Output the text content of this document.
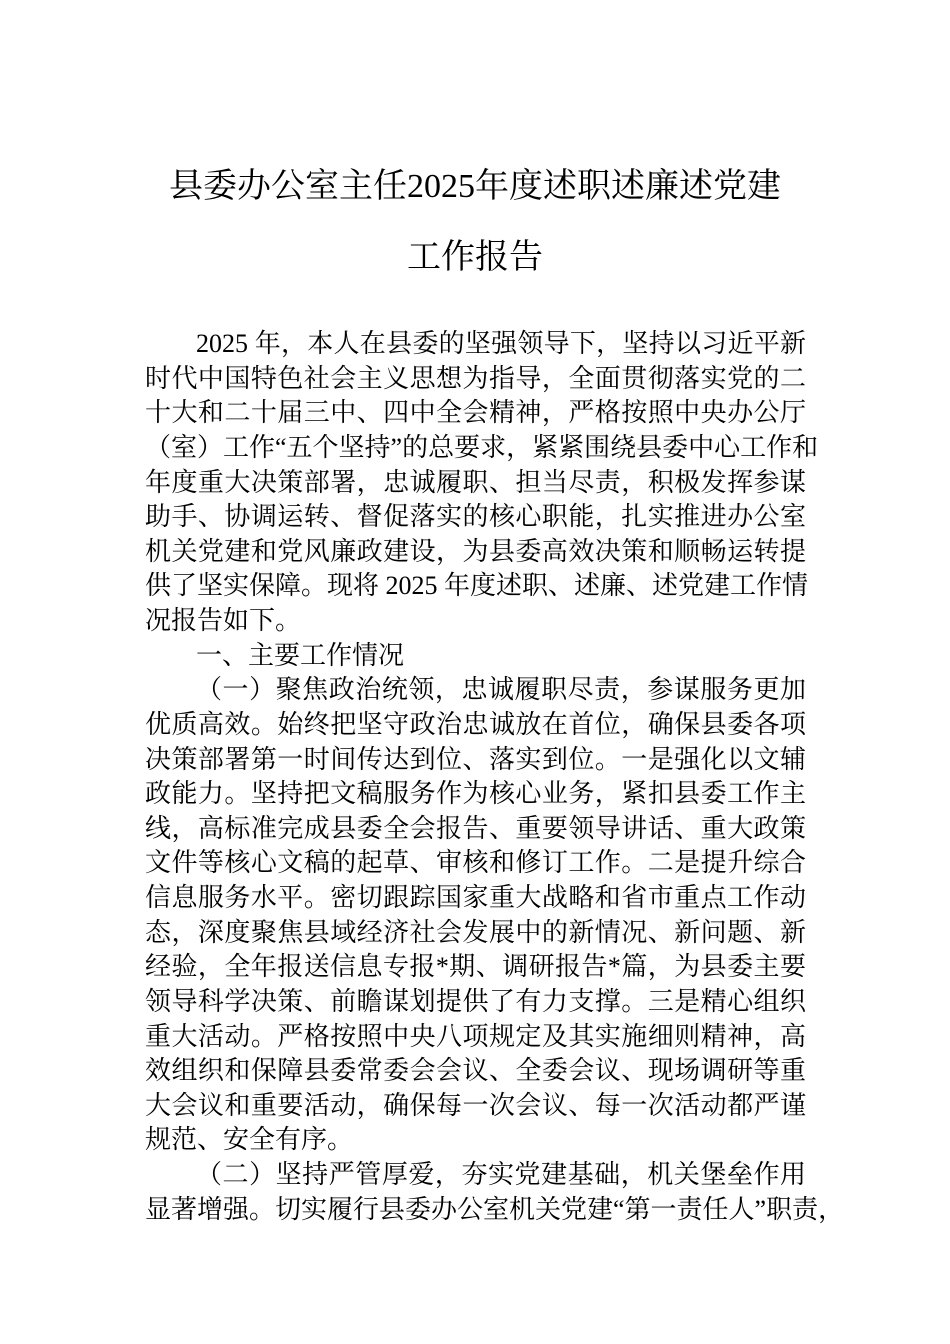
县委办公室主任2025年度述职述廉述党建
工作报告
2025 年，本人在县委的坚强领导下，坚持以习近平新
时代中国特色社会主义思想为指导，全面贯彻落实党的二
十大和二十届三中、四中全会精神，严格按照中央办公厅
（室）工作“五个坚持”的总要求，紧紧围绕县委中心工作和
年度重大决策部署，忠诚履职、担当尽责，积极发挥参谋
助手、协调运转、督促落实的核心职能，扎实推进办公室
机关党建和党风廉政建设，为县委高效决策和顺畅运转提
供了坚实保障。现将 2025 年度述职、述廉、述党建工作情
况报告如下。
一、主要工作情况
（一）聚焦政治统领，忠诚履职尽责，参谋服务更加
优质高效。始终把坚守政治忠诚放在首位，确保县委各项
决策部署第一时间传达到位、落实到位。一是强化以文辅
政能力。坚持把文稿服务作为核心业务，紧扣县委工作主
线，高标准完成县委全会报告、重要领导讲话、重大政策
文件等核心文稿的起草、审核和修订工作。二是提升综合
信息服务水平。密切跟踪国家重大战略和省市重点工作动
态，深度聚焦县域经济社会发展中的新情况、新问题、新
经验，全年报送信息专报*期、调研报告*篇，为县委主要
领导科学决策、前瞻谋划提供了有力支撑。三是精心组织
重大活动。严格按照中央八项规定及其实施细则精神，高
效组织和保障县委常委会会议、全委会议、现场调研等重
大会议和重要活动，确保每一次会议、每一次活动都严谨
规范、安全有序。
（二）坚持严管厚爱，夯实党建基础，机关堡垒作用
显著增强。切实履行县委办公室机关党建“第一责任人”职责，
